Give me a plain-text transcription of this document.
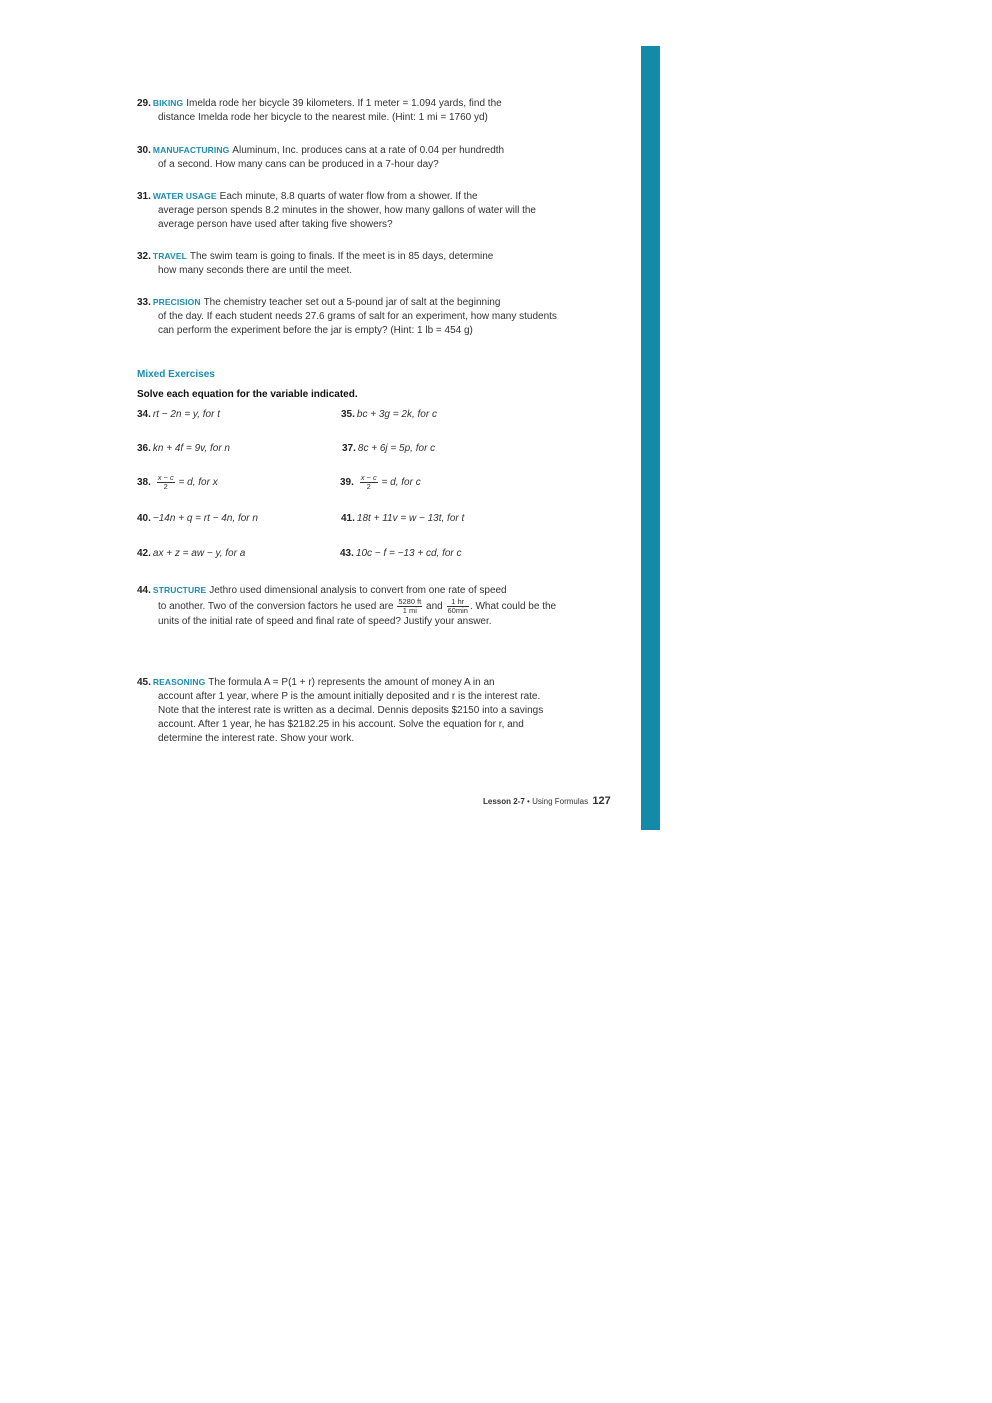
29. BIKING Imelda rode her bicycle 39 kilometers. If 1 meter = 1.094 yards, find the
distance Imelda rode her bicycle to the nearest mile. (Hint: 1 mi = 1760 yd)
30. MANUFACTURING Aluminum, Inc. produces cans at a rate of 0.04 per hundredth
of a second. How many cans can be produced in a 7-hour day?
31. WATER USAGE Each minute, 8.8 quarts of water flow from a shower. If the
average person spends 8.2 minutes in the shower, how many gallons of water will the average person have used after taking five showers?
32. TRAVEL The swim team is going to finals. If the meet is in 85 days, determine
how many seconds there are until the meet.
33. PRECISION The chemistry teacher set out a 5-pound jar of salt at the beginning
of the day. If each student needs 27.6 grams of salt for an experiment, how many students can perform the experiment before the jar is empty? (Hint: 1 lb = 454 g)
Mixed Exercises
Solve each equation for the variable indicated.
34. rt − 2n = y, for t	35. bc + 3g = 2k, for c
36. kn + 4f = 9v, for n	37. 8c + 6j = 5p, for c
38. $\frac{x - c}{2} = d$, for x	39. $\frac{x - c}{2} = d$, for c
40. −14n + q = rt − 4n, for n	41. 18t + 11v = w − 13t, for t
42. ax + z = aw − y, for a	43. 10c − f = −13 + cd, for c
44. STRUCTURE Jethro used dimensional analysis to convert from one rate of speed
to another. Two of the conversion factors he used are $\frac{5280 ft}{1 mi}$ and $\frac{1 hr}{60\min}$ . What could be the units of the initial rate of speed and final rate of speed? Justify your answer.
45. REASONING The formula A = P(1 + r) represents the amount of money A in an
account after 1 year, where P is the amount initially deposited and r is the interest rate. Note that the interest rate is written as a decimal. Dennis deposits $2150 into a savings account. After 1 year, he has $2182.25 in his account. Solve the equation for r, and determine the interest rate. Show your work.
Lesson 2-7 • Using Formulas 127
